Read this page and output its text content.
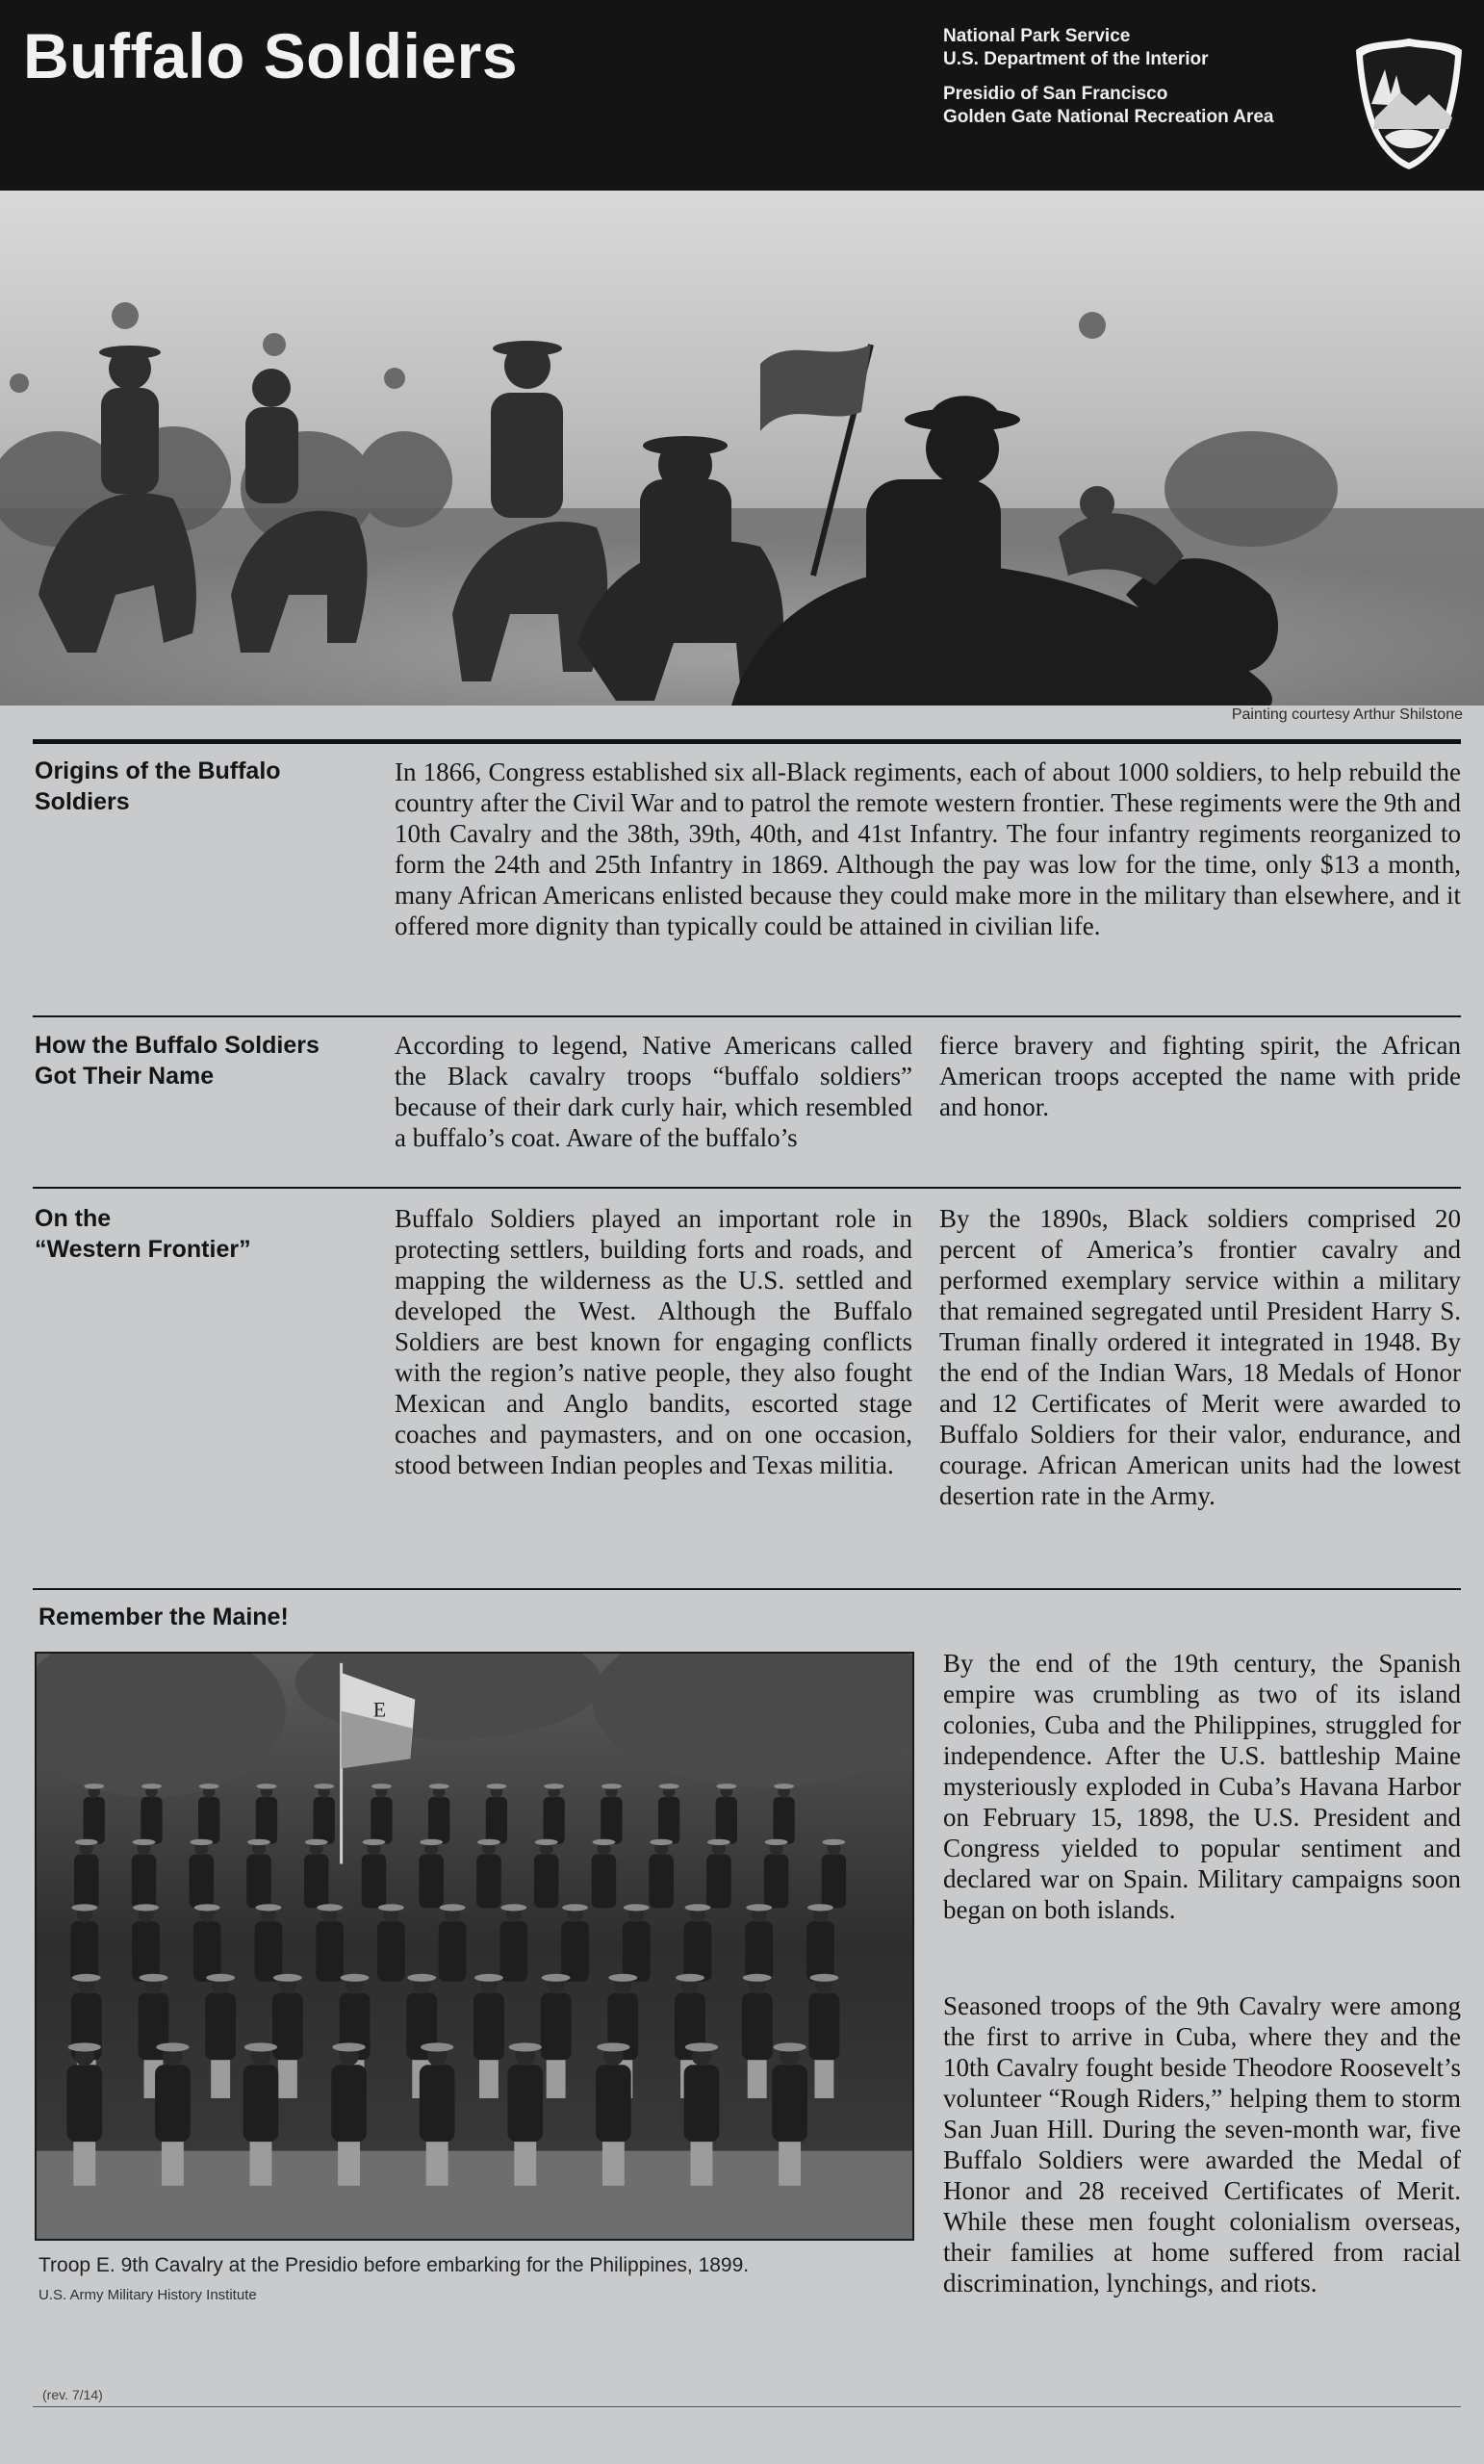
Buffalo Soldiers	National Park Service
U.S. Department of the Interior
Presidio of San Francisco
Golden Gate National Recreation Area
NATIONAL
PARK
SERVICE
Painting courtesy Arthur Shilstone
Origins of the Buffalo
Soldiers

In 1866, Congress established six all-Black regiments, each of about 1000 soldiers, to help rebuild the country after the Civil War and to patrol the remote western frontier. These regiments were the 9th and 10th Cavalry and the 38th, 39th, 40th, and 41st Infantry. The four infantry regiments reorganized to form the 24th and 25th Infantry in 1869. Although the pay was low for the time, only $13 a month, many African Americans enlisted because they could make more in the military than elsewhere, and it offered more dignity than typically could be attained in civilian life.

How the Buffalo Soldiers
Got Their Name

According to legend, Native Americans called the Black cavalry troops “buffalo soldiers” because of their dark curly hair, which resembled a buffalo’s coat. Aware of the buffalo’s

fierce bravery and fighting spirit, the African American troops accepted the name with pride and honor.

On the
“Western Frontier”

Buffalo Soldiers played an important role in protecting settlers, building forts and roads, and mapping the wilderness as the U.S. settled and developed the West. Although the Buffalo Soldiers are best known for engaging conflicts with the region’s native people, they also fought Mexican and Anglo bandits, escorted stage coaches and paymasters, and on one occasion, stood between Indian peoples and Texas militia.

By the 1890s, Black soldiers comprised 20 percent of America’s frontier cavalry and performed exemplary service within a military that remained segregated until President Harry S. Truman finally ordered it integrated in 1948. By the end of the Indian Wars, 18 Medals of Honor and 12 Certificates of Merit were awarded to Buffalo Soldiers for their valor, endurance, and courage. African American units had the lowest desertion rate in the Army.

Remember the Maine!
E
Troop E. 9th Cavalry at the Presidio before embarking for the Philippines, 1899.
U.S. Army Military History Institute

By the end of the 19th century, the Spanish empire was crumbling as two of its island colonies, Cuba and the Philippines, struggled for independence. After the U.S. battleship Maine mysteriously exploded in Cuba’s Havana Harbor on February 15, 1898, the U.S. President and Congress yielded to popular sentiment and declared war on Spain. Military campaigns soon began on both islands.

Seasoned troops of the 9th Cavalry were among the first to arrive in Cuba, where they and the 10th Cavalry fought beside Theodore Roosevelt’s volunteer “Rough Riders,” helping them to storm San Juan Hill. During the seven-month war, five Buffalo Soldiers were awarded the Medal of Honor and 28 received Certificates of Merit. While these men fought colonialism overseas, their families at home suffered from racial discrimination, lynchings, and riots.

(rev. 7/14)
